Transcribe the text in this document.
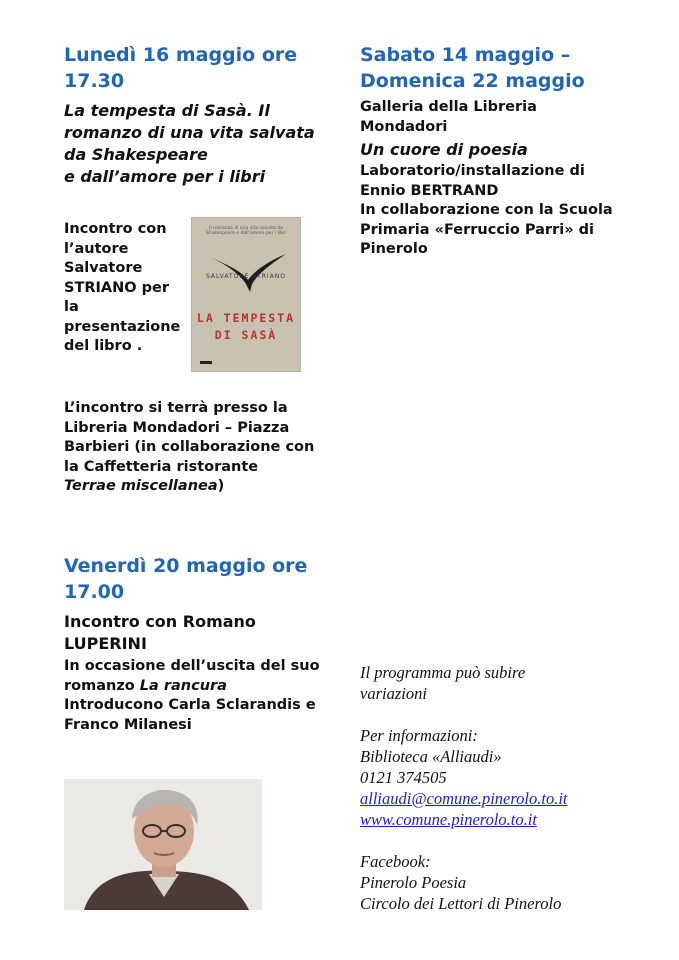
Lunedì 16 maggio ore
17.30

La tempesta di Sasà. Il
romanzo di una vita salvata
da Shakespeare
e dall’amore per i libri

Incontro con
l’autore
Salvatore
STRIANO per
la
presentazione
del libro .

Il romanzo di una vita salvata da Shakespeare e dall’amore per i libri
SALVATORE STRIANO
LA TEMPESTA
DI SASÀ

L’incontro si terrà presso la
Libreria Mondadori – Piazza
Barbieri (in collaborazione con
la Caffetteria ristorante
Terrae miscellanea)

Venerdì 20 maggio ore
17.00

Incontro con Romano
LUPERINI

In occasione dell’uscita del suo
romanzo La rancura
Introducono Carla Sclarandis e
Franco Milanesi

Sabato 14 maggio –
Domenica 22 maggio

Galleria della Libreria
Mondadori

Un cuore di poesia

Laboratorio/installazione di
Ennio BERTRAND
In collaborazione con la Scuola
Primaria «Ferruccio Parri» di
Pinerolo

Il programma può subire
variazioni
Per informazioni:
Biblioteca «Alliaudi»
0121 374505
alliaudi@comune.pinerolo.to.it
www.comune.pinerolo.to.it
Facebook:
Pinerolo Poesia
Circolo dei Lettori di Pinerolo
